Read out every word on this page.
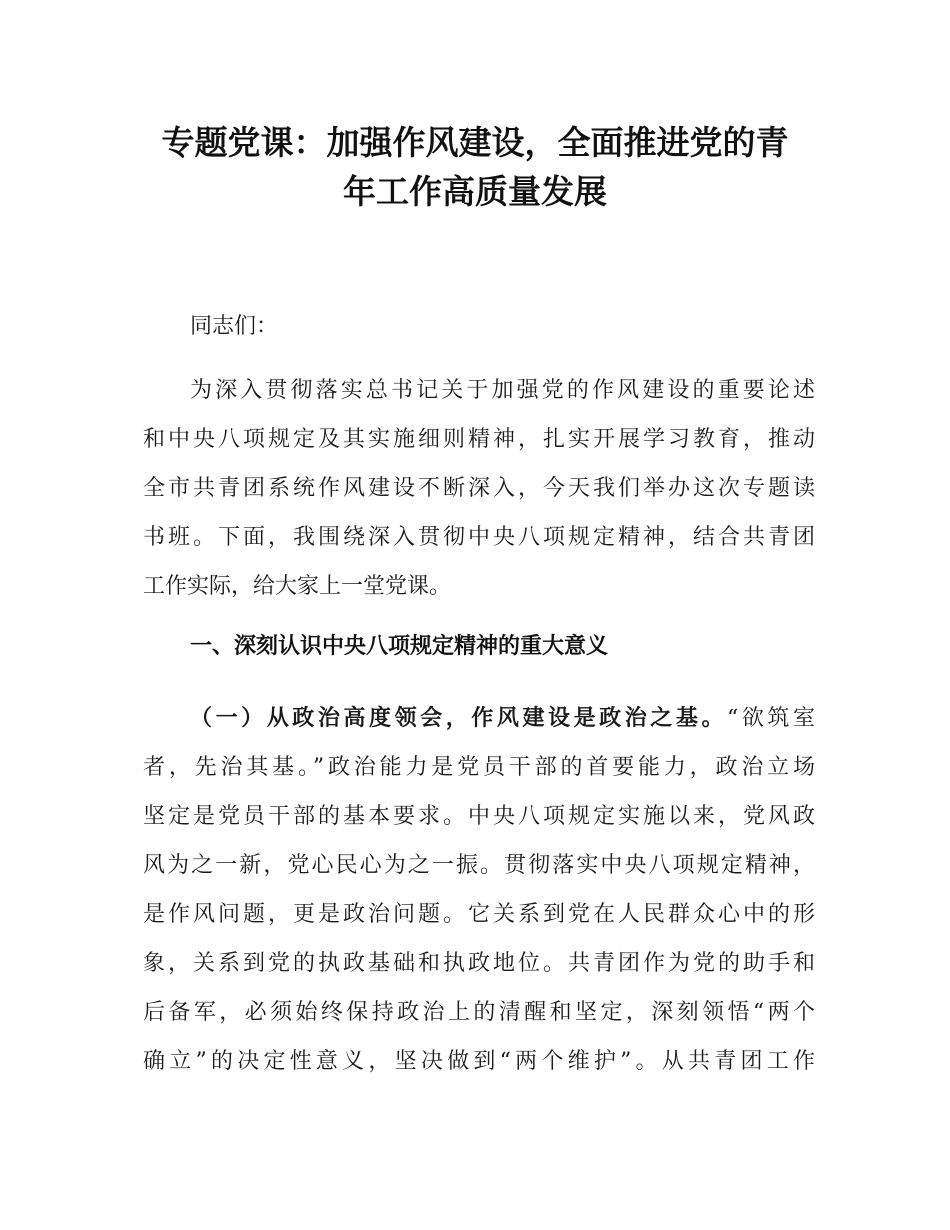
专题党课：加强作风建设，全面推进党的青
年工作高质量发展

同志们：

为深入贯彻落实总书记关于加强党的作风建设的重要论述
和中央八项规定及其实施细则精神，扎实开展学习教育，推动
全市共青团系统作风建设不断深入，今天我们举办这次专题读
书班。下面，我围绕深入贯彻中央八项规定精神，结合共青团
工作实际，给大家上一堂党课。
一、深刻认识中央八项规定精神的重大意义
（一）从政治高度领会，作风建设是政治之基。“欲筑室
者，先治其基。”政治能力是党员干部的首要能力，政治立场
坚定是党员干部的基本要求。中央八项规定实施以来，党风政
风为之一新，党心民心为之一振。贯彻落实中央八项规定精神，
是作风问题，更是政治问题。它关系到党在人民群众心中的形
象，关系到党的执政基础和执政地位。共青团作为党的助手和
后备军，必须始终保持政治上的清醒和坚定，深刻领悟“两个
确立”的决定性意义，坚决做到“两个维护”。从共青团工作
